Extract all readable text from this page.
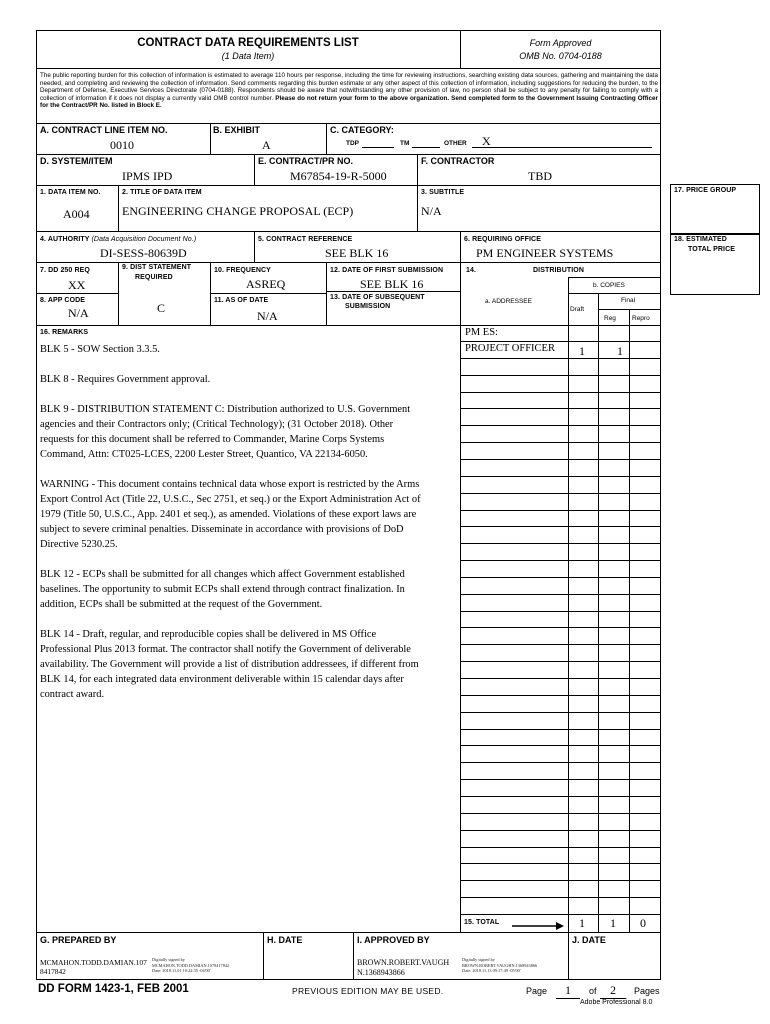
17. PRICE GROUP
18. ESTIMATED
TOTAL PRICE
CONTRACT DATA REQUIREMENTS LIST
(1 Data Item)
Form Approved
OMB No. 0704-0188
The public reporting burden for this collection of information is estimated to average 110 hours per response, including the time for reviewing instructions, searching existing data sources, gathering and maintaining the data needed, and completing and reviewing the collection of information. Send comments regarding this burden estimate or any other aspect of this collection of information, including suggestions for reducing the burden, to the Department of Defense, Executive Services Directorate (0704-0188). Respondents should be aware that notwithstanding any other provision of law, no person shall be subject to any penalty for failing to comply with a collection of information if it does not display a currently valid OMB control number. Please do not return your form to the above organization. Send completed form to the Government Issuing Contracting Officer for the Contract/PR No. listed in Block E.
A. CONTRACT LINE ITEM NO.
0010
B. EXHIBIT
A
C. CATEGORY:
TDP	TM	OTHER X
D. SYSTEM/ITEM
IPMS IPD
E. CONTRACT/PR NO.
M67854-19-R-5000
F. CONTRACTOR
TBD
1. DATA ITEM NO.
A004
2. TITLE OF DATA ITEM
ENGINEERING CHANGE PROPOSAL (ECP)
3. SUBTITLE
N/A
4. AUTHORITY (Data Acquisition Document No.)
DI-SESS-80639D
5. CONTRACT REFERENCE
SEE BLK 16
6. REQUIRING OFFICE
PM ENGINEER SYSTEMS
7. DD 250 REQ
XX
8. APP CODE
N/A
9. DIST STATEMENT
REQUIRED
C
10. FREQUENCY
ASREQ
11. AS OF DATE
N/A
12. DATE OF FIRST SUBMISSION
SEE BLK 16
13. DATE OF SUBSEQUENT
SUBMISSION
14.	DISTRIBUTION
b. COPIES
a. ADDRESSEE
Draft
Final
Reg Repro
PM ES:
PROJECT OFFICER 1	1
15. TOTAL	1 1 0
16. REMARKS
BLK 5 - SOW Section 3.3.5.
BLK 8 - Requires Government approval.
BLK 9 - DISTRIBUTION STATEMENT C: Distribution authorized to U.S. Government
agencies and their Contractors only; (Critical Technology); (31 October 2018). Other
requests for this document shall be referred to Commander, Marine Corps Systems
Command, Attn: CT025-LCES, 2200 Lester Street, Quantico, VA 22134-6050.
WARNING - This document contains technical data whose export is restricted by the Arms
Export Control Act (Title 22, U.S.C., Sec 2751, et seq.) or the Export Administration Act of
1979 (Title 50, U.S.C., App. 2401 et seq.), as amended. Violations of these export laws are
subject to severe criminal penalties. Disseminate in accordance with provisions of DoD
Directive 5230.25.
BLK 12 - ECPs shall be submitted for all changes which affect Government established
baselines. The opportunity to submit ECPs shall extend through contract finalization. In
addition, ECPs shall be submitted at the request of the Government.
BLK 14 - Draft, regular, and reproducible copies shall be delivered in MS Office
Professional Plus 2013 format. The contractor shall notify the Government of deliverable
availability. The Government will provide a list of distribution addressees, if different from
BLK 14, for each integrated data environment deliverable within 15 calendar days after
contract award.
G. PREPARED BY
MCMAHON.TODD.DAMIAN.107
8417842
Digitally signed by
MCMAHON.TODD.DAMIAN.1078417842
Date: 2018.11.01 10:22:35 -04'00'
H. DATE	I. APPROVED BY
BROWN.ROBERT.VAUGH
N.1368943866
Digitally signed by
BROWN.ROBERT.VAUGHN.1368943866
Date: 2018.11.13 09:17:49 -05'00'
J. DATE
DD FORM 1423-1, FEB 2001	PREVIOUS EDITION MAY BE USED.	Page	1	of	2	Pages
Adobe Professional 8.0
